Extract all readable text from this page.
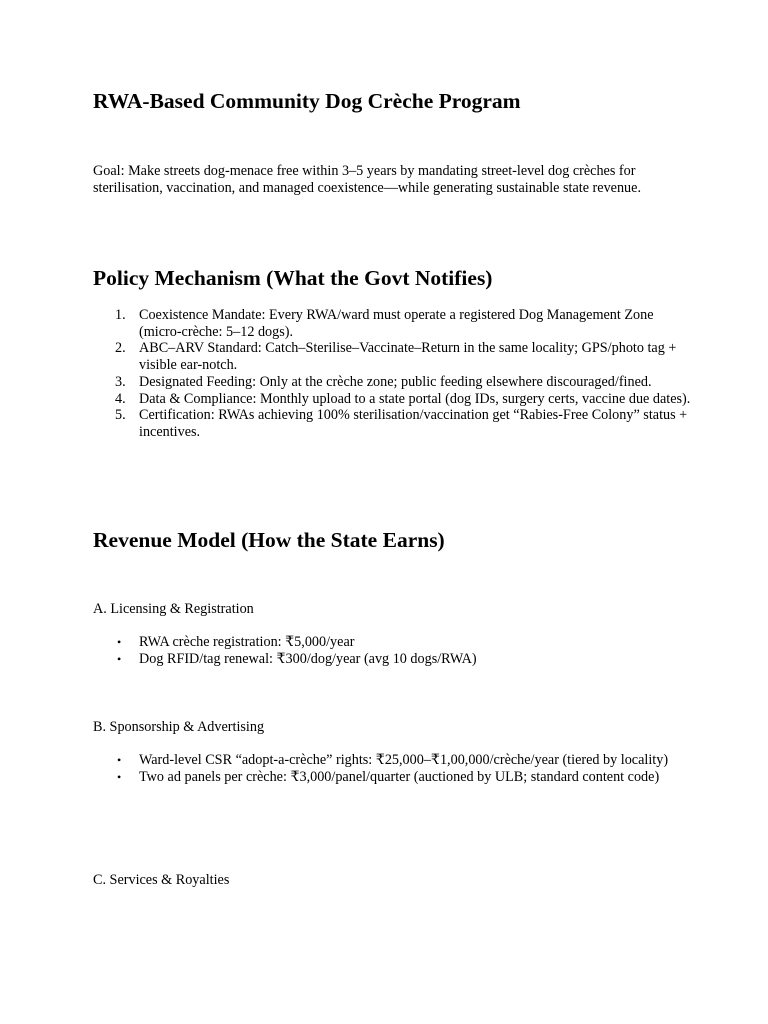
RWA-Based Community Dog Crèche Program

Goal: Make streets dog-menace free within 3–5 years by mandating street-level dog crèches for sterilisation, vaccination, and managed coexistence—while generating sustainable state revenue.

Policy Mechanism (What the Govt Notifies)
1. Coexistence Mandate: Every RWA/ward must operate a registered Dog Management Zone (micro-crèche: 5–12 dogs).
2. ABC–ARV Standard: Catch–Sterilise–Vaccinate–Return in the same locality; GPS/photo tag + visible ear-notch.
3. Designated Feeding: Only at the crèche zone; public feeding elsewhere discouraged/fined.
4. Data & Compliance: Monthly upload to a state portal (dog IDs, surgery certs, vaccine due dates).
5. Certification: RWAs achieving 100% sterilisation/vaccination get “Rabies-Free Colony” status + incentives.
Revenue Model (How the State Earns)

A. Licensing & Registration

• RWA crèche registration: ₹5,000/year
• Dog RFID/tag renewal: ₹300/dog/year (avg 10 dogs/RWA)

B. Sponsorship & Advertising

• Ward-level CSR “adopt-a-crèche” rights: ₹25,000–₹1,00,000/crèche/year (tiered by locality)
• Two ad panels per crèche: ₹3,000/panel/quarter (auctioned by ULB; standard content code)

C. Services & Royalties
